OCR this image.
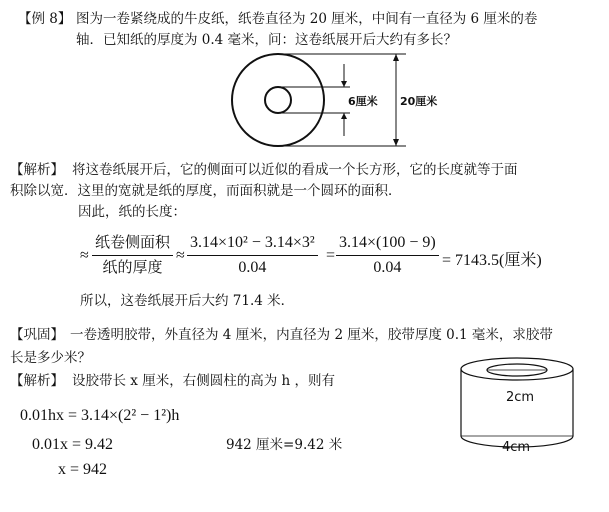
【例 8】 图为一卷紧绕成的牛皮纸，纸卷直径为 20 厘米，中间有一直径为 6 厘米的卷
轴．已知纸的厚度为 0.4 毫米，问：这卷纸展开后大约有多长？
6厘米 20厘米
【解析】 将这卷纸展开后，它的侧面可以近似的看成一个长方形，它的长度就等于面
积除以宽．这里的宽就是纸的厚度，而面积就是一个圆环的面积．
因此，纸的长度：
≈
纸卷侧面积
纸的厚度
≈
3.14×10² − 3.14×3²
0.04
=
3.14×(100 − 9)
0.04	= 7143.5(厘米)
所以，这卷纸展开后大约 71.4 米．
【巩固】 一卷透明胶带，外直径为 4 厘米，内直径为 2 厘米，胶带厚度 0.1 毫米，求胶带
长是多少米？
【解析】 设胶带长 x 厘米，右侧圆柱的高为 h ，则有
0.01hx = 3.14×(2² − 1²)h
0.01x = 9.42
x = 942
942 厘米=9.42 米
2cm
4cm
